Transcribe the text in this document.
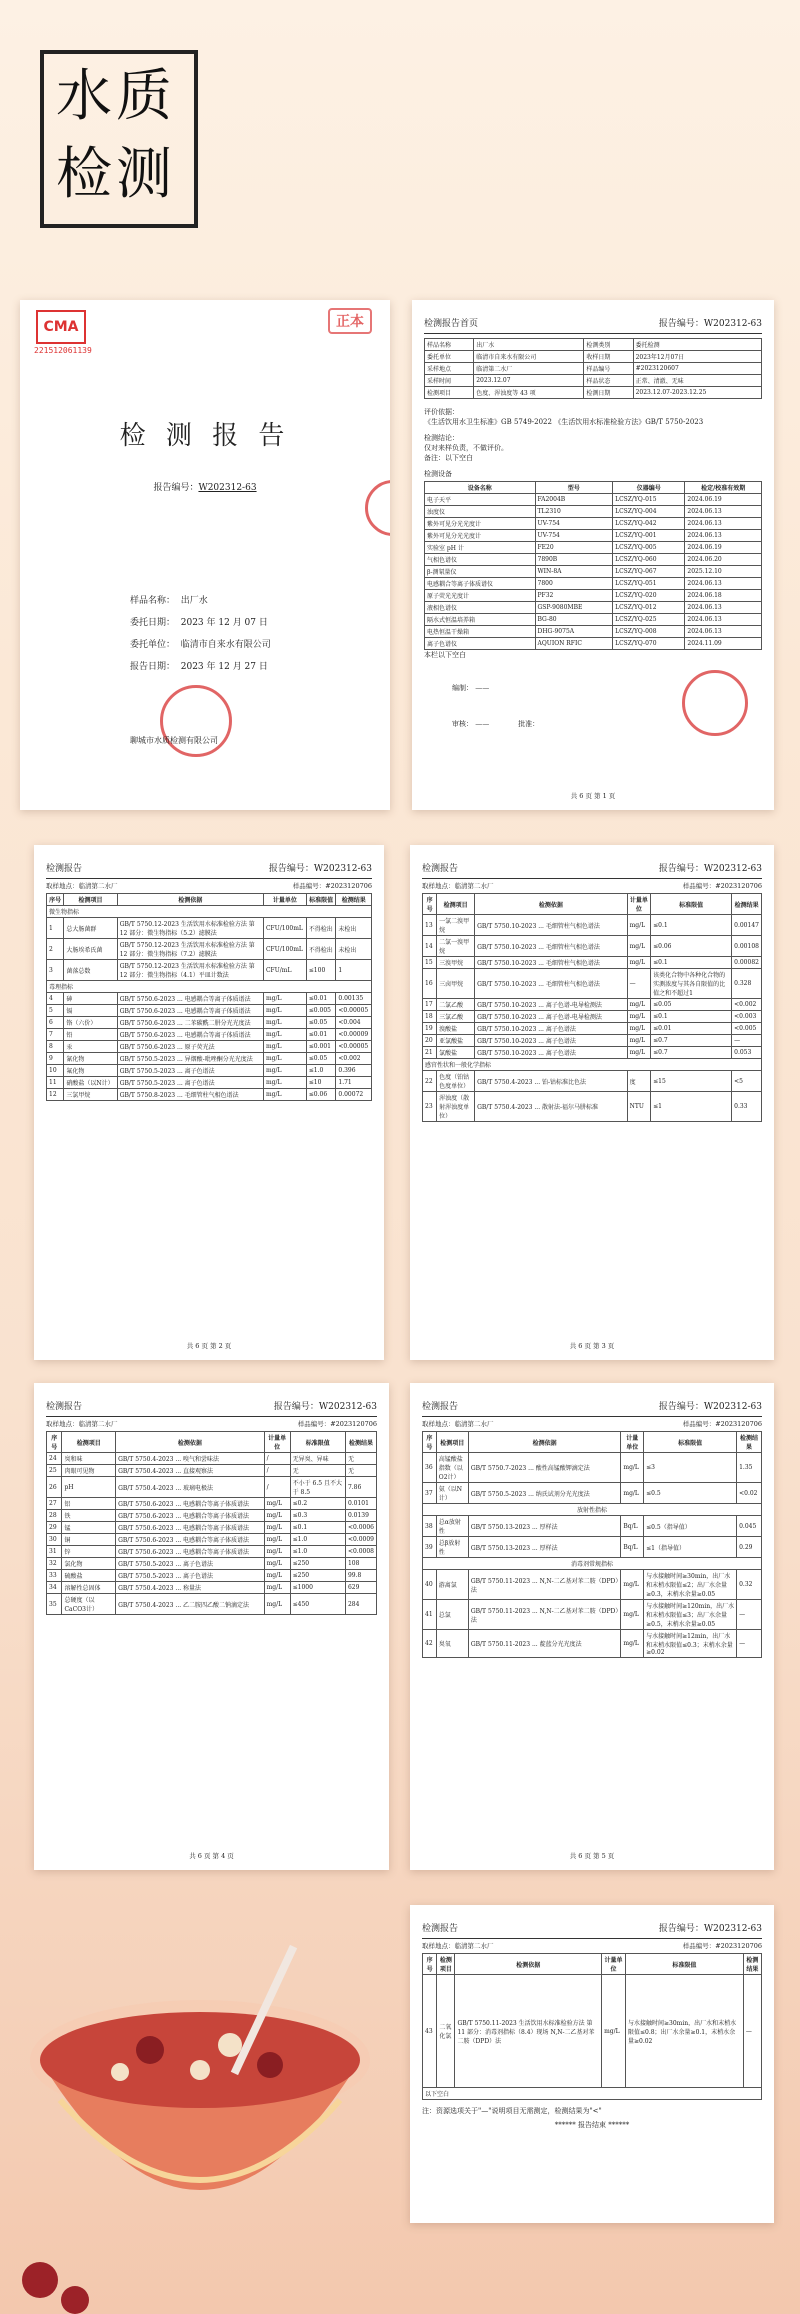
水质
检测
CMA
221512061139
正本
检 测 报 告
报告编号：W202312-63
样品名称： 出厂水
委托日期： 2023 年 12 月 07 日
委托单位： 临清市自来水有限公司
报告日期： 2023 年 12 月 27 日
聊城市水质检测有限公司
检测报告首页	报告编号：W202312-63
样品名称	出厂水	检测类别	委托检测
委托单位	临清市自来水有限公司	收样日期	2023年12月07日
采样地点	临清第二水厂	样品编号	#2023120607
采样时间	2023.12.07	样品状态	正常、清澈、无味
检测项目	色度、浑浊度等 43 项	检测日期	2023.12.07-2023.12.25
评价依据：
《生活饮用水卫生标准》GB 5749-2022 《生活饮用水标准检验方法》GB/T 5750-2023
检测结论：
仅对来样负责，不做评价。
备注：以下空白
检测设备
设备名称	型号	仪器编号	检定/校准有效期
电子天平	FA2004B	LCSZ/YQ-015	2024.06.19
浊度仪	TL2310	LCSZ/YQ-004	2024.06.13
紫外可见分光光度计	UV-754	LCSZ/YQ-042	2024.06.13
紫外可见分光光度计	UV-754	LCSZ/YQ-001	2024.06.13
实验室 pH 计	FE20	LCSZ/YQ-005	2024.06.19
气相色谱仪	7890B	LCSZ/YQ-060	2024.06.20
β-测氡量仪	WIN-8A	LCSZ/YQ-067	2025.12.10
电感耦合等离子体质谱仪	7800	LCSZ/YQ-051	2024.06.13
原子荧光光度计	PF32	LCSZ/YQ-020	2024.06.18
液相色谱仪	GSP-9080MBE	LCSZ/YQ-012	2024.06.13
隔水式恒温培养箱	BG-80	LCSZ/YQ-025	2024.06.13
电热恒温干燥箱	DHG-9075A	LCSZ/YQ-008	2024.06.13
离子色谱仪	AQUION RFIC	LCSZ/YQ-070	2024.11.09
本栏以下空白
编制： ——
审核： ——	批准：
共 6 页 第 1 页
检测报告	报告编号：W202312-63
取样地点：临清第二水厂	样品编号：#2023120706
序号	检测项目	检测依据	计量单位	标准限值	检测结果
微生物指标					
1	总大肠菌群	GB/T 5750.12-2023 生活饮用水标准检验方法 第 12 部分：微生物指标（5.2）滤膜法	CFU/100mL	不得检出	未检出
2	大肠埃希氏菌	GB/T 5750.12-2023 生活饮用水标准检验方法 第 12 部分：微生物指标（7.2）滤膜法	CFU/100mL	不得检出	未检出
3	菌落总数	GB/T 5750.12-2023 生活饮用水标准检验方法 第 12 部分：微生物指标（4.1）平皿计数法	CFU/mL	≤100	1
毒理指标					
4	砷	GB/T 5750.6-2023 ... 电感耦合等离子体质谱法	mg/L	≤0.01	0.00135
5	镉	GB/T 5750.6-2023 ... 电感耦合等离子体质谱法	mg/L	≤0.005	<0.00005
6	铬（六价）	GB/T 5750.6-2023 ... 二苯碳酰二肼分光光度法	mg/L	≤0.05	<0.004
7	铅	GB/T 5750.6-2023 ... 电感耦合等离子体质谱法	mg/L	≤0.01	<0.00009
8	汞	GB/T 5750.6-2023 ... 原子荧光法	mg/L	≤0.001	<0.00005
9	氰化物	GB/T 5750.5-2023 ... 异烟酸-吡唑酮分光光度法	mg/L	≤0.05	<0.002
10	氟化物	GB/T 5750.5-2023 ... 离子色谱法	mg/L	≤1.0	0.396
11	硝酸盐（以N计）	GB/T 5750.5-2023 ... 离子色谱法	mg/L	≤10	1.71
12	三氯甲烷	GB/T 5750.8-2023 ... 毛细管柱气相色谱法	mg/L	≤0.06	0.00072
共 6 页 第 2 页
检测报告	报告编号：W202312-63
取样地点：临清第二水厂	样品编号：#2023120706
序号	检测项目	检测依据	计量单位	标准限值	检测结果
13	一氯二溴甲烷	GB/T 5750.10-2023 ... 毛细管柱气相色谱法	mg/L	≤0.1	0.00147
14	二氯一溴甲烷	GB/T 5750.10-2023 ... 毛细管柱气相色谱法	mg/L	≤0.06	0.00108
15	三溴甲烷	GB/T 5750.10-2023 ... 毛细管柱气相色谱法	mg/L	≤0.1	0.00082
16	三卤甲烷	GB/T 5750.10-2023 ... 毛细管柱气相色谱法	—	该类化合物中各种化合物的实测浓度与其各自限值的比值之和不超过1	0.328
17	二氯乙酸	GB/T 5750.10-2023 ... 离子色谱-电导检测法	mg/L	≤0.05	<0.002
18	三氯乙酸	GB/T 5750.10-2023 ... 离子色谱-电导检测法	mg/L	≤0.1	<0.003
19	溴酸盐	GB/T 5750.10-2023 ... 离子色谱法	mg/L	≤0.01	<0.005
20	亚氯酸盐	GB/T 5750.10-2023 ... 离子色谱法	mg/L	≤0.7	—
21	氯酸盐	GB/T 5750.10-2023 ... 离子色谱法	mg/L	≤0.7	0.053
感官性状和一般化学指标					
22	色度（铂钴色度单位）	GB/T 5750.4-2023 ... 铂-钴标准比色法	度	≤15	<5
23	浑浊度（散射浑浊度单位）	GB/T 5750.4-2023 ... 散射法-福尔马肼标准	NTU	≤1	0.33
共 6 页 第 3 页
检测报告	报告编号：W202312-63
取样地点：临清第二水厂	样品编号：#2023120706
序号	检测项目	检测依据	计量单位	标准限值	检测结果
24	臭和味	GB/T 5750.4-2023 ... 嗅气和尝味法	/	无异臭、异味	无
25	肉眼可见物	GB/T 5750.4-2023 ... 直接观察法	/	无	无
26	pH	GB/T 5750.4-2023 ... 玻璃电极法	/	不小于 6.5 且不大于 8.5	7.86
27	铝	GB/T 5750.6-2023 ... 电感耦合等离子体质谱法	mg/L	≤0.2	0.0101
28	铁	GB/T 5750.6-2023 ... 电感耦合等离子体质谱法	mg/L	≤0.3	0.0139
29	锰	GB/T 5750.6-2023 ... 电感耦合等离子体质谱法	mg/L	≤0.1	<0.0006
30	铜	GB/T 5750.6-2023 ... 电感耦合等离子体质谱法	mg/L	≤1.0	<0.0009
31	锌	GB/T 5750.6-2023 ... 电感耦合等离子体质谱法	mg/L	≤1.0	<0.0008
32	氯化物	GB/T 5750.5-2023 ... 离子色谱法	mg/L	≤250	108
33	硫酸盐	GB/T 5750.5-2023 ... 离子色谱法	mg/L	≤250	99.8
34	溶解性总固体	GB/T 5750.4-2023 ... 称量法	mg/L	≤1000	629
35	总硬度（以CaCO3计）	GB/T 5750.4-2023 ... 乙二胺四乙酸二钠滴定法	mg/L	≤450	284
共 6 页 第 4 页
检测报告	报告编号：W202312-63
取样地点：临清第二水厂	样品编号：#2023120706
序号	检测项目	检测依据	计量单位	标准限值	检测结果
36	高锰酸盐指数（以O2计）	GB/T 5750.7-2023 ... 酸性高锰酸钾滴定法	mg/L	≤3	1.35
37	氨（以N计）	GB/T 5750.5-2023 ... 纳氏试剂分光光度法	mg/L	≤0.5	<0.02
放射性指标					
38	总α放射性	GB/T 5750.13-2023 ... 厚样法	Bq/L	≤0.5（指导值）	0.045
39	总β放射性	GB/T 5750.13-2023 ... 厚样法	Bq/L	≤1（指导值）	0.29
消毒剂常规指标					
40	游离氯	GB/T 5750.11-2023 ... N,N-二乙基对苯二胺（DPD）法	mg/L	与水接触时间≥30min，出厂水和末梢水限值≤2；出厂水余量≥0.3，末梢水余量≥0.05	0.32
41	总氯	GB/T 5750.11-2023 ... N,N-二乙基对苯二胺（DPD）法	mg/L	与水接触时间≥120min，出厂水和末梢水限值≤3；出厂水余量≥0.5，末梢水余量≥0.05	—
42	臭氧	GB/T 5750.11-2023 ... 靛蓝分光光度法	mg/L	与水接触时间≥12min，出厂水和末梢水限值≤0.3；末梢水余量≥0.02	—
共 6 页 第 5 页
检测报告	报告编号：W202312-63
取样地点：临清第二水厂	样品编号：#2023120706
序号	检测项目	检测依据	计量单位	标准限值	检测结果
43	二氧化氯	GB/T 5750.11-2023 生活饮用水标准检验方法 第 11 部分：消毒剂指标（8.4）现场 N,N-二乙基对苯二胺（DPD）法	mg/L	与水接触时间≥30min，出厂水和末梢水限值≤0.8；出厂水余量≥0.1，末梢水余量≥0.02	—
以下空白					
注：资源选项关于"—"说明项目无需测定，检测结果为"<"
****** 报告结束 ******
